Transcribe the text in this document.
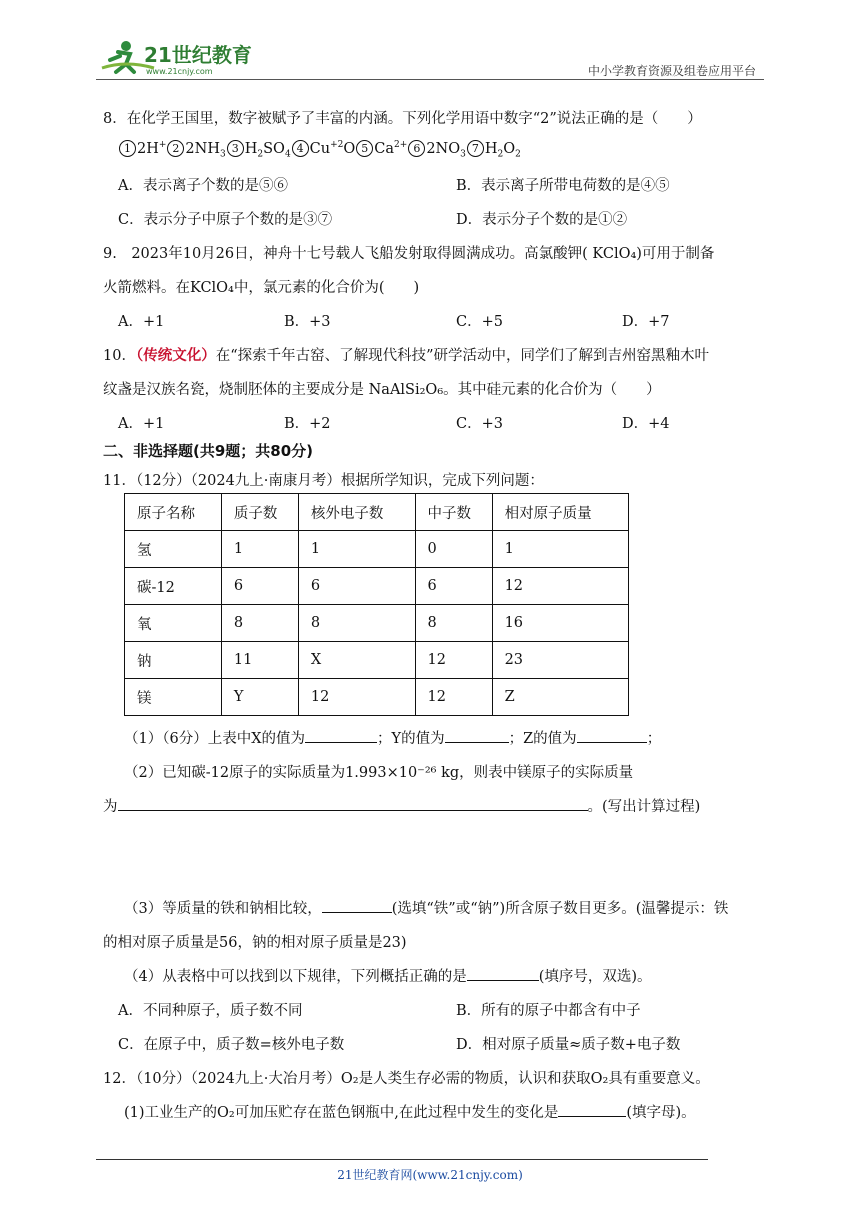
21世纪教育
www.21cnjy.com	中小学教育资源及组卷应用平台
8．在化学王国里，数字被赋予了丰富的内涵。下列化学用语中数字“2”说法正确的是（　　）
1 2H+ 2 $2NH_3$ 3 $H_2SO_4$ 4 $Cu^{+2}O$ 5 $Ca^{2+}$ 6 $2NO_3$ 7 $H_2O_2$
A．表示离子个数的是⑤⑥	B．表示离子所带电荷数的是④⑤
C．表示分子中原子个数的是③⑦	D．表示分子个数的是①②
9.　2023年10月26日，神舟十七号载人飞船发射取得圆满成功。高氯酸钾( KClO₄)可用于制备
火箭燃料。在KClO₄中，氯元素的化合价为(　　)
A．+1	B．+3	C．+5	D．+7
10．（传统文化）在“探索千年古窑、了解现代科技”研学活动中，同学们了解到吉州窑黑釉木叶
纹盏是汉族名瓷，烧制胚体的主要成分是 NaAlSi₂O₆。其中硅元素的化合价为（　　）
A．+1	B．+2	C．+3	D．+4
二、非选择题(共9题；共80分)
11．（12分）（2024九上·南康月考）根据所学知识，完成下列问题：
原子名称	质子数	核外电子数	中子数	相对原子质量
氢	1	1	0	1
碳-12	6	6	6	12
氧	8	8	8	16
钠	11	X	12	23
镁	Y	12	12	Z
（1）（6分）上表中X的值为	；Y的值为	；Z的值为	；
（2）已知碳-12原子的实际质量为1.993×10⁻²⁶ kg，则表中镁原子的实际质量
为	。(写出计算过程)
（3）等质量的铁和钠相比较，	(选填“铁”或“钠”)所含原子数目更多。(温馨提示：铁
的相对原子质量是56，钠的相对原子质量是23)
（4）从表格中可以找到以下规律，下列概括正确的是	(填序号，双选)。
A．不同种原子，质子数不同	B．所有的原子中都含有中子
C．在原子中，质子数=核外电子数	D．相对原子质量≈质子数+电子数
12．（10分）（2024九上·大冶月考）O₂是人类生存必需的物质，认识和获取O₂具有重要意义。
(1)工业生产的O₂可加压贮存在蓝色钢瓶中,在此过程中发生的变化是	(填字母)。
21世纪教育网(www.21cnjy.com)
